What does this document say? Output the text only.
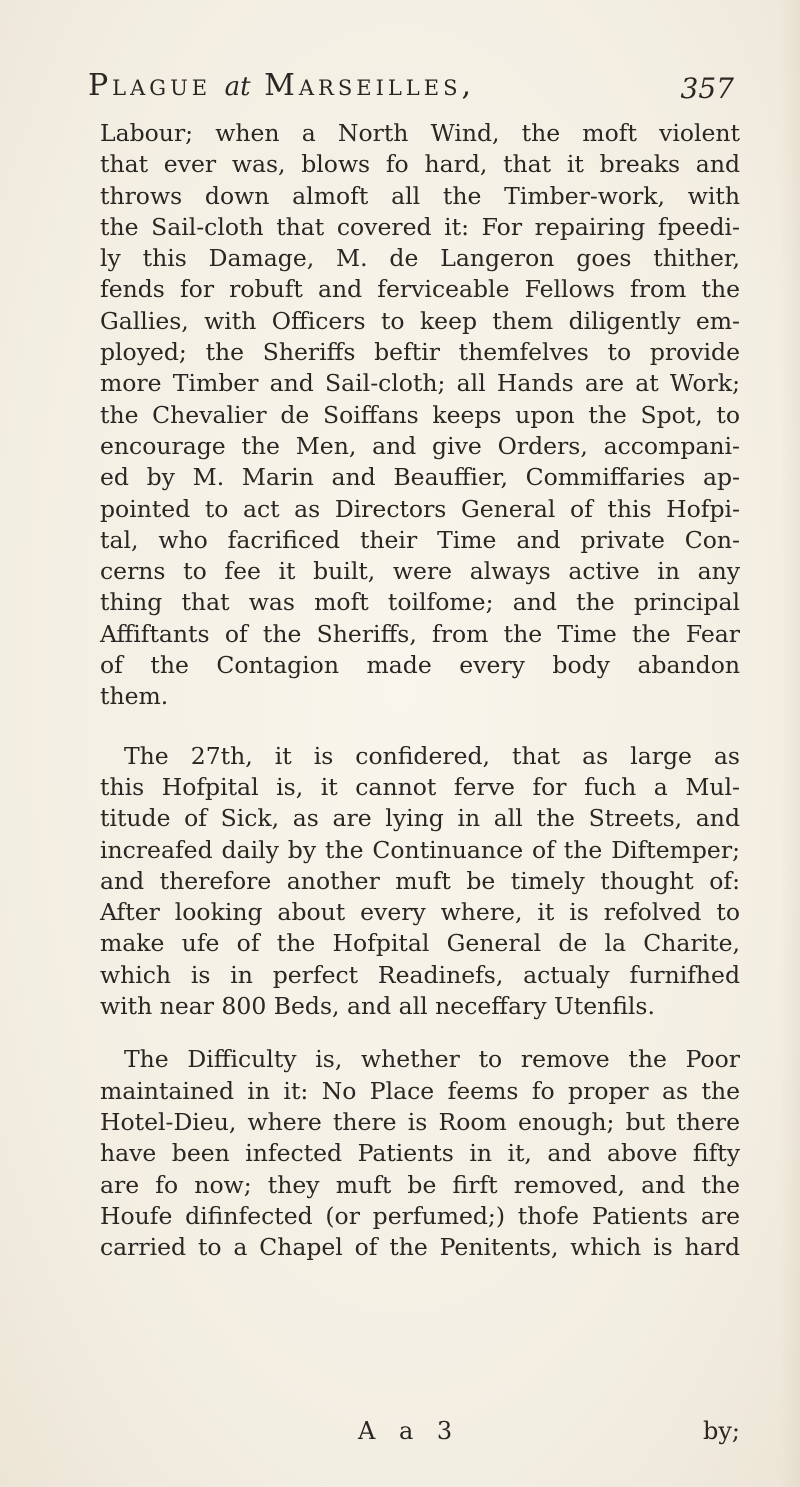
Plague at Marseilles,	357
Labour; when a North Wind, the moft violent
that ever was, blows fo hard, that it breaks and
throws down almoft all the Timber-work, with
the Sail-cloth that covered it: For repairing fpeedi-
ly this Damage, M. de Langeron goes thither,
fends for robuft and ferviceable Fellows from the
Gallies, with Officers to keep them diligently em-
ployed; the Sheriffs beftir themfelves to provide
more Timber and Sail-cloth; all Hands are at Work;
the Chevalier de Soiffans keeps upon the Spot, to
encourage the Men, and give Orders, accompani-
ed by M. Marin and Beauffier, Commiffaries ap-
pointed to act as Directors General of this Hofpi-
tal, who facrificed their Time and private Con-
cerns to fee it built, were always active in any
thing that was moft toilfome; and the principal
Affiftants of the Sheriffs, from the Time the Fear
of the Contagion made every body abandon
them.
The 27th, it is confidered, that as large as
this Hofpital is, it cannot ferve for fuch a Mul-
titude of Sick, as are lying in all the Streets, and
increafed daily by the Continuance of the Diftemper;
and therefore another muft be timely thought of:
After looking about every where, it is refolved to
make ufe of the Hofpital General de la Charite,
which is in perfect Readinefs, actualy furnifhed
with near 800 Beds, and all neceffary Utenfils.
The Difficulty is, whether to remove the Poor
maintained in it: No Place feems fo proper as the
Hotel-Dieu, where there is Room enough; but there
have been infected Patients in it, and above fifty
are fo now; they muft be firft removed, and the
Houfe difinfected (or perfumed;) thofe Patients are
carried to a Chapel of the Penitents, which is hard
A a 3	by;
